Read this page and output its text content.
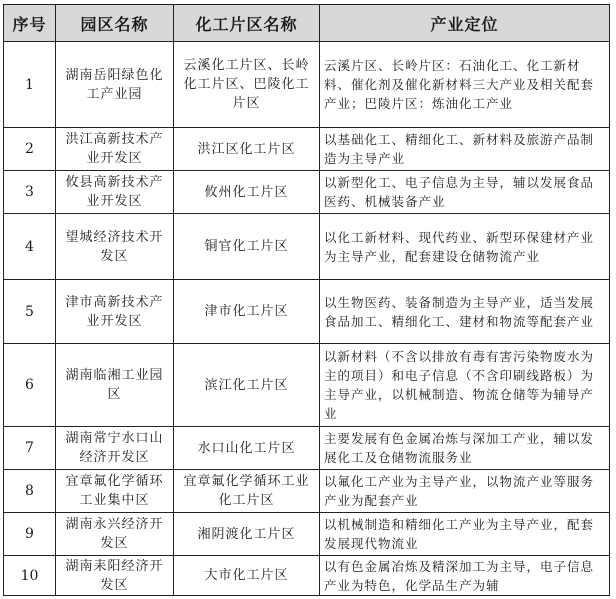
序号	园区名称	化工片区名称	产业定位
1	湖南岳阳绿色化工产业园	云溪化工片区、长岭化工片区、巴陵化工片区	云溪片区、长岭片区：石油化工、化工新材料、催化剂及催化新材料三大产业及相关配套产业；巴陵片区：炼油化工产业

2	洪江高新技术产业开发区	洪江区化工片区	以基础化工、精细化工、新材料及旅游产品制造为主导产业

3	攸县高新技术产业开发区	攸州化工片区	以新型化工、电子信息为主导，辅以发展食品医药、机械装备产业

4	望城经济技术开发区	铜官化工片区	以化工新材料、现代药业、新型环保建材产业为主导产业，配套建设仓储物流产业

5	津市高新技术产业开发区	津市化工片区	以生物医药、装备制造为主导产业，适当发展食品加工、精细化工、建材和物流等配套产业

6	湖南临湘工业园区	滨江化工片区	以新材料（不含以排放有毒有害污染物废水为主的项目）和电子信息（不含印刷线路板）为主导产业，以机械制造、物流仓储等为辅导产业

7	湖南常宁水口山经济开发区	水口山化工片区	主要发展有色金属冶炼与深加工产业，辅以发展化工及仓储物流服务业

8	宜章氟化学循环工业集中区	宜章氟化学循环工业化工片区	以氟化工产业为主导产业，以物流产业等服务产业为配套产业

9	湖南永兴经济开发区	湘阴渡化工片区	以机械制造和精细化工产业为主导产业，配套发展现代物流业

10	湖南耒阳经济开发区	大市化工片区	以有色金属冶炼及精深加工为主导，电子信息产业为特色，化学品生产为辅
